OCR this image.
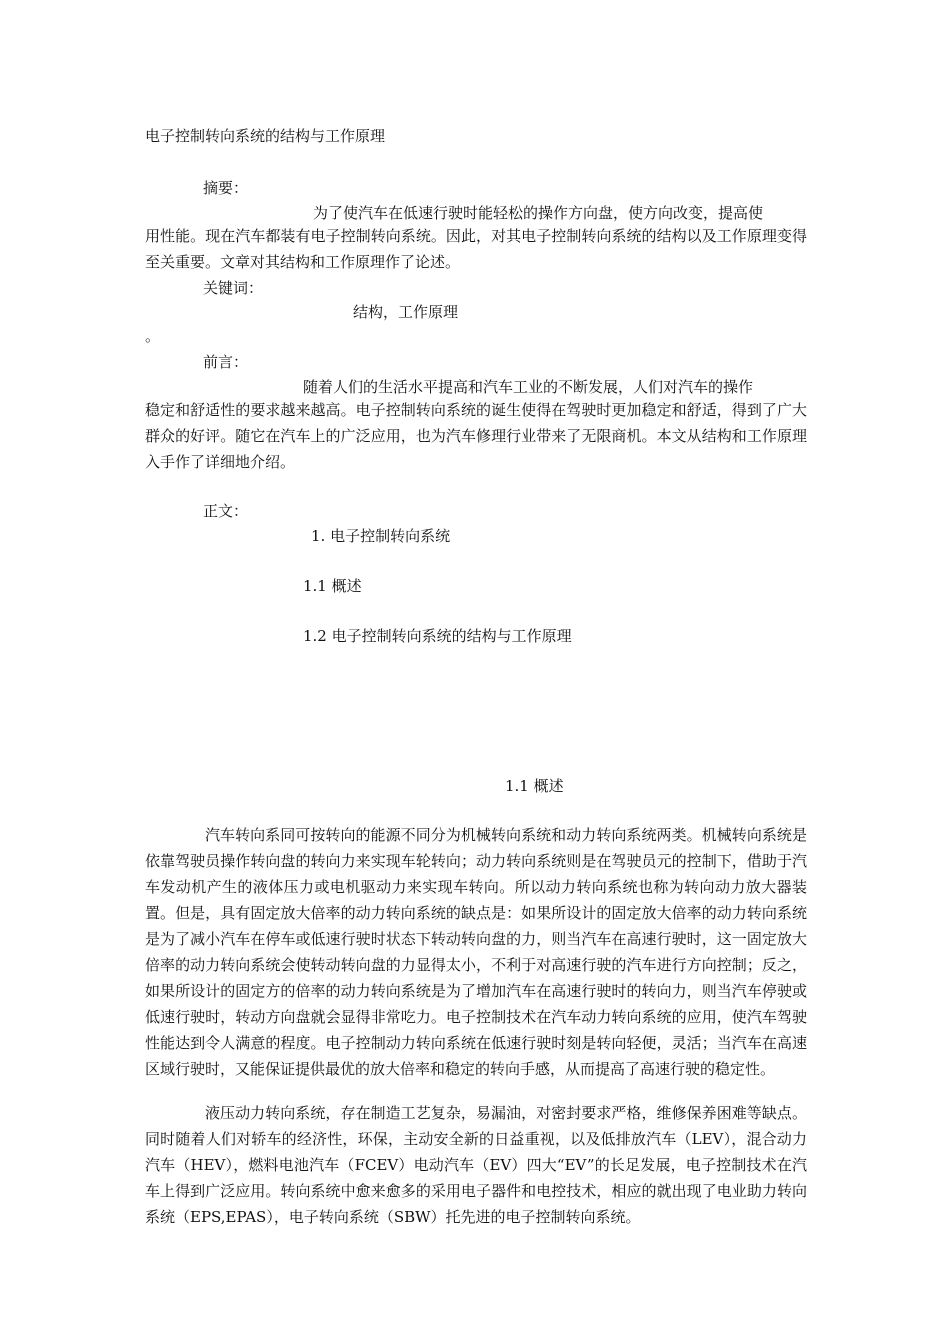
电子控制转向系统的结构与工作原理
摘要：
为了使汽车在低速行驶时能轻松的操作方向盘，使方向改变，提高使

用性能。现在汽车都装有电子控制转向系统。因此，对其电子控制转向系统的结构以及工作原理变得至关重要。文章对其结构和工作原理作了论述。

关键词：
结构，工作原理
。
前言：
随着人们的生活水平提高和汽车工业的不断发展，人们对汽车的操作

稳定和舒适性的要求越来越高。电子控制转向系统的诞生使得在驾驶时更加稳定和舒适，得到了广大群众的好评。随它在汽车上的广泛应用，也为汽车修理行业带来了无限商机。本文从结构和工作原理入手作了详细地介绍。

正文：
1. 电子控制转向系统
1.1 概述
1.2 电子控制转向系统的结构与工作原理
1.1 概述

汽车转向系同可按转向的能源不同分为机械转向系统和动力转向系统两类。机械转向系统是依靠驾驶员操作转向盘的转向力来实现车轮转向；动力转向系统则是在驾驶员元的控制下，借助于汽车发动机产生的液体压力或电机驱动力来实现车转向。所以动力转向系统也称为转向动力放大器装置。但是，具有固定放大倍率的动力转向系统的缺点是：如果所设计的固定放大倍率的动力转向系统是为了减小汽车在停车或低速行驶时状态下转动转向盘的力，则当汽车在高速行驶时，这一固定放大倍率的动力转向系统会使转动转向盘的力显得太小，不利于对高速行驶的汽车进行方向控制；反之，如果所设计的固定方的倍率的动力转向系统是为了增加汽车在高速行驶时的转向力，则当汽车停驶或低速行驶时，转动方向盘就会显得非常吃力。电子控制技术在汽车动力转向系统的应用，使汽车驾驶性能达到令人满意的程度。电子控制动力转向系统在低速行驶时刻是转向轻便，灵活；当汽车在高速区域行驶时，又能保证提供最优的放大倍率和稳定的转向手感，从而提高了高速行驶的稳定性。

液压动力转向系统，存在制造工艺复杂，易漏油，对密封要求严格，维修保养困难等缺点。同时随着人们对轿车的经济性，环保，主动安全新的日益重视，以及低排放汽车（LEV），混合动力汽车（HEV），燃料电池汽车（FCEV）电动汽车（EV）四大“EV”的长足发展，电子控制技术在汽车上得到广泛应用。转向系统中愈来愈多的采用电子器件和电控技术，相应的就出现了电业助力转向系统（EPS,EPAS），电子转向系统（SBW）托先进的电子控制转向系统。
